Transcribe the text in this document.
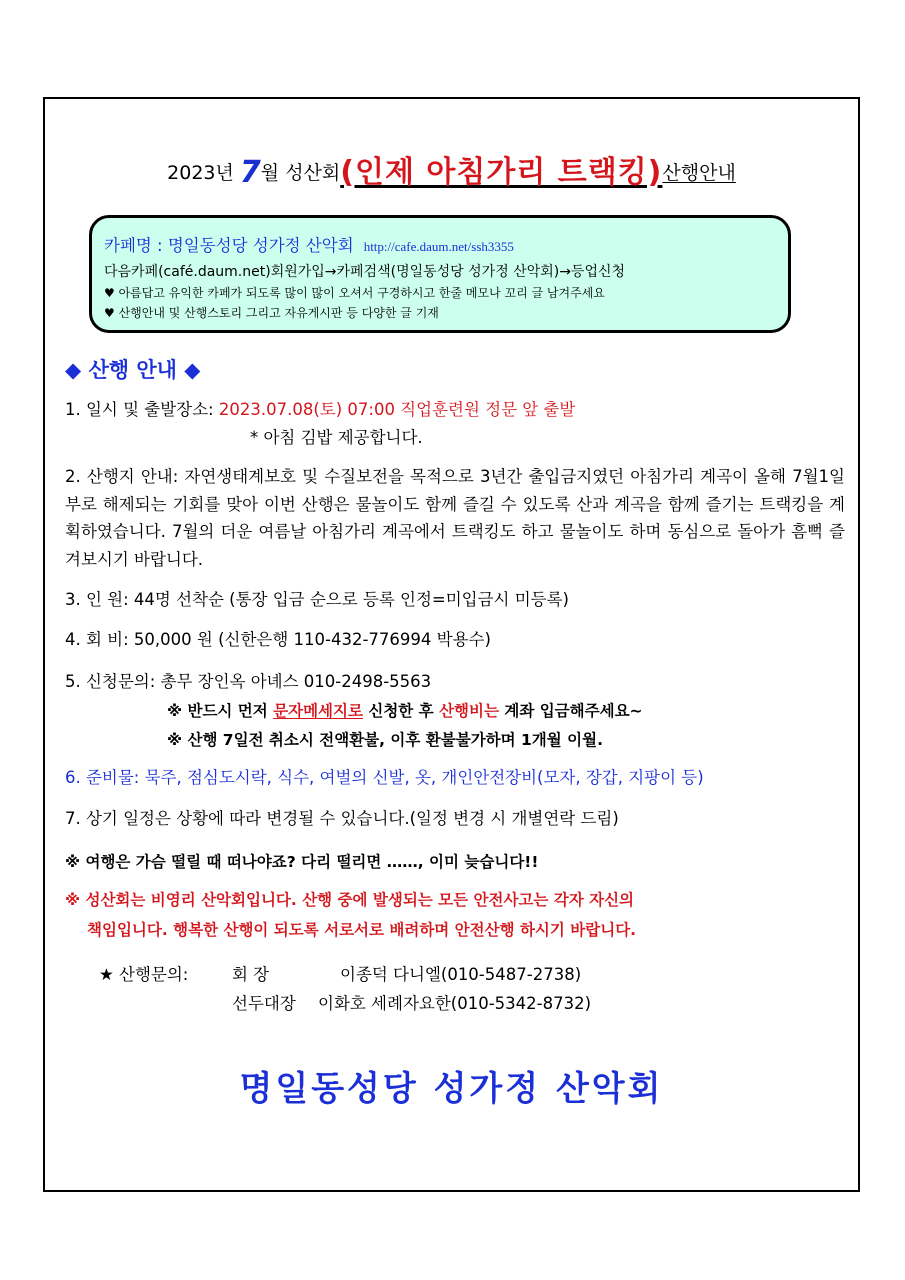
2023년 7월 성산회(인제 아침가리 트랙킹)산행안내
카페명 : 명일동성당 성가정 산악회 http://cafe.daum.net/ssh3355
다음카페(café.daum.net)회원가입→카페검색(명일동성당 성가정 산악회)→등업신청
♥ 아름답고 유익한 카페가 되도록 많이 많이 오셔서 구경하시고 한줄 메모나 꼬리 글 남겨주세요
♥ 산행안내 및 산행스토리 그리고 자유게시판 등 다양한 글 기재
◆ 산행 안내 ◆
1. 일시 및 출발장소: 2023.07.08(토) 07:00 직업훈련원 정문 앞 출발
* 아침 김밥 제공합니다.
2. 산행지 안내: 자연생태계보호 및 수질보전을 목적으로 3년간 출입금지였던 아침가리 계곡이 올해 7월1일부로 해제되는 기회를 맞아 이번 산행은 물놀이도 함께 즐길 수 있도록 산과 계곡을 함께 즐기는 트랙킹을 계획하였습니다. 7월의 더운 여름날 아침가리 계곡에서 트랙킹도 하고 물놀이도 하며 동심으로 돌아가 흠뻑 즐겨보시기 바랍니다.
3. 인 원: 44명 선착순 (통장 입금 순으로 등록 인정=미입금시 미등록)
4. 회 비: 50,000 원 (신한은행 110-432-776994 박용수)
5. 신청문의: 총무 장인옥 아녜스 010-2498-5563
※ 반드시 먼저 문자메세지로 신청한 후 산행비는 계좌 입금해주세요~
※ 산행 7일전 취소시 전액환불, 이후 환불불가하며 1개월 이월.
6. 준비물: 묵주, 점심도시락, 식수, 여벌의 신발, 옷, 개인안전장비(모자, 장갑, 지팡이 등)
7. 상기 일정은 상황에 따라 변경될 수 있습니다.(일정 변경 시 개별연락 드림)
※ 여행은 가슴 떨릴 때 떠나야죠? 다리 떨리면 ……, 이미 늦습니다!!
※ 성산회는 비영리 산악회입니다. 산행 중에 발생되는 모든 안전사고는 각자 자신의
책임입니다. 행복한 산행이 되도록 서로서로 배려하며 안전산행 하시기 바랍니다.
★ 산행문의:	회 장	이종덕 다니엘(010-5487-2738)
선두대장 이화호 세례자요한(010-5342-8732)
명일동성당 성가정 산악회
